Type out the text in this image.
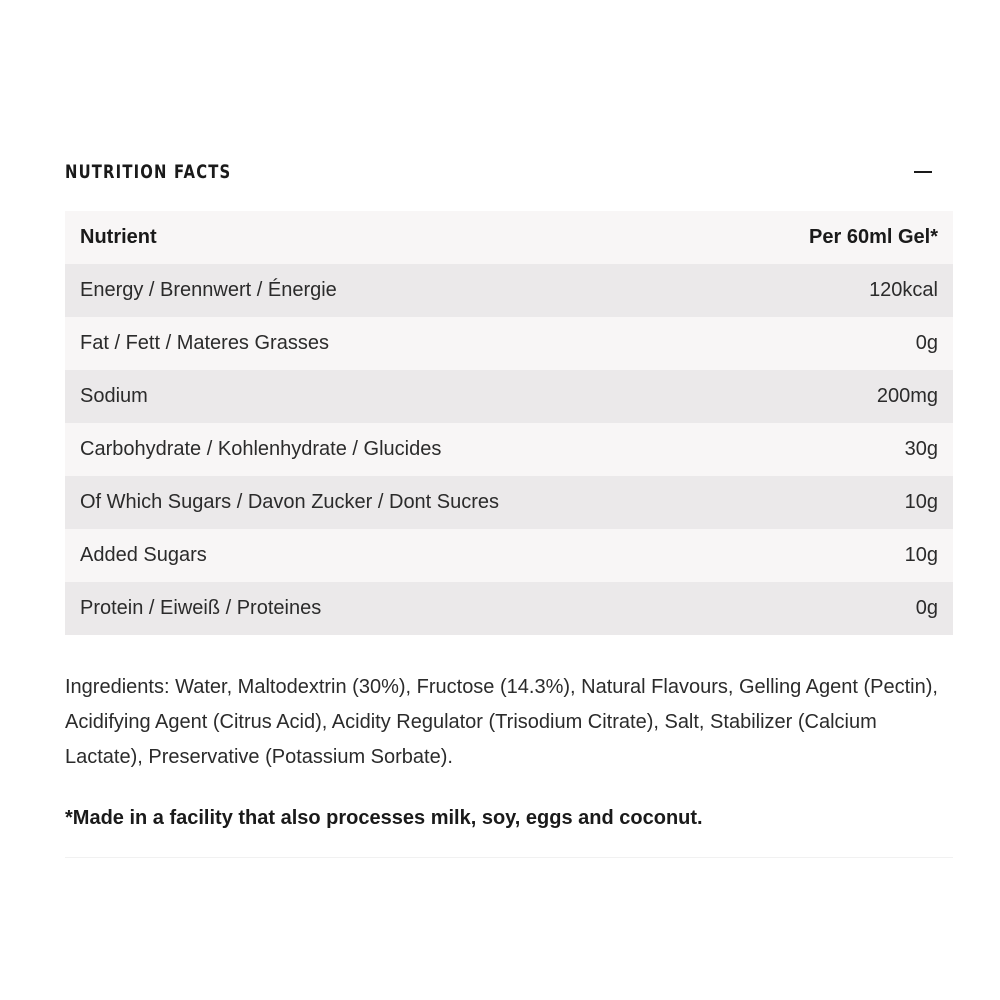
NUTRITION FACTS
Nutrient	Per 60ml Gel*
Energy / Brennwert / Énergie	120kcal
Fat / Fett / Materes Grasses	0g
Sodium	200mg
Carbohydrate / Kohlenhydrate / Glucides	30g
Of Which Sugars / Davon Zucker / Dont Sucres	10g
Added Sugars	10g
Protein / Eiweiß / Proteines	0g
Ingredients: Water, Maltodextrin (30%), Fructose (14.3%), Natural Flavours, Gelling Agent (Pectin), Acidifying Agent (Citrus Acid), Acidity Regulator (Trisodium Citrate), Salt, Stabilizer (Calcium Lactate), Preservative (Potassium Sorbate).
*Made in a facility that also processes milk, soy, eggs and coconut.
